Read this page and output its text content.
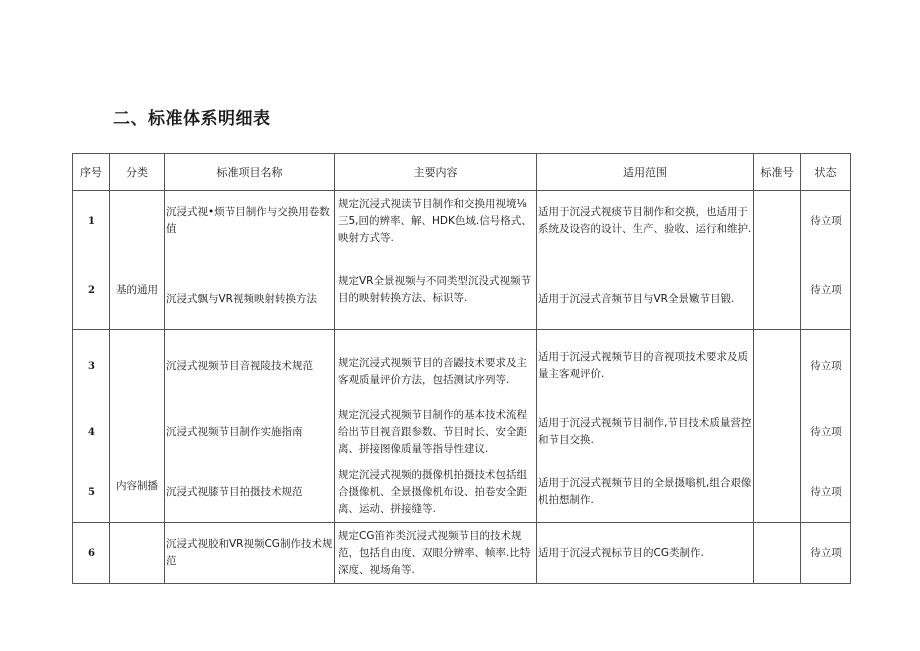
二、标准体系明细表
序号	分类	标准项目名称	主要内容	适用范围	标准号	状态
1	基的通用	沉浸式视•烦节目制作与交换用卷数值	规定沉浸式视读节目制作和交换用视境⅛三5,回的辨率、解、HDK色域.信号格式、映射方式等.	适用于沉浸式视痰节目制作和交换，也适用于系统及设咨的设计、生产、验收、运行和维护.		待立项
2		沉浸式飘与VR视频映射转换方法	规定VR全景视频与不同类型沉没式视频节目的映射转换方法、标识等.	适用于沉浸式音频节目与VR全景嫩节目锻.		待立项
3	内容制播	沉浸式视频节目音视陵技术规范	规定沉浸式视频节目的音鼹技术要求及主客观质量评价方法，包括测试序列等.	适用于沉浸式视频节目的音视项技术要求及质量主客观评价.		待立项
4		沉浸式视频节目制作实施指南	规定沉浸式视频节目制作的基本技术流程给出节目视音跟参数、节目时长、安全距离、拼接图像质量等指导性建议.	适用于沉浸式视频节目制作,节目技术质量营控和节目交换.		待立项
5		沉浸式视膝节目拍摄技术规范	规定沉浸式视频的摄像机拍摄技术包括组合摄像机、全景摄像机布设、拍卷安全距离、运动、拼接缝等.	适用于沉浸式视频节目的全景摄嗡机,组合艰像机拍想制作.		待立项
6		沉浸式视胶和VR视频CG制作技术规范	规定CG笛祚类沉浸式视频节目的技术规范，包括自由度、双眼分辨率、帧率.比特深度、视场角等.	适用于沉浸式视标节目的CG类制作.		待立项
